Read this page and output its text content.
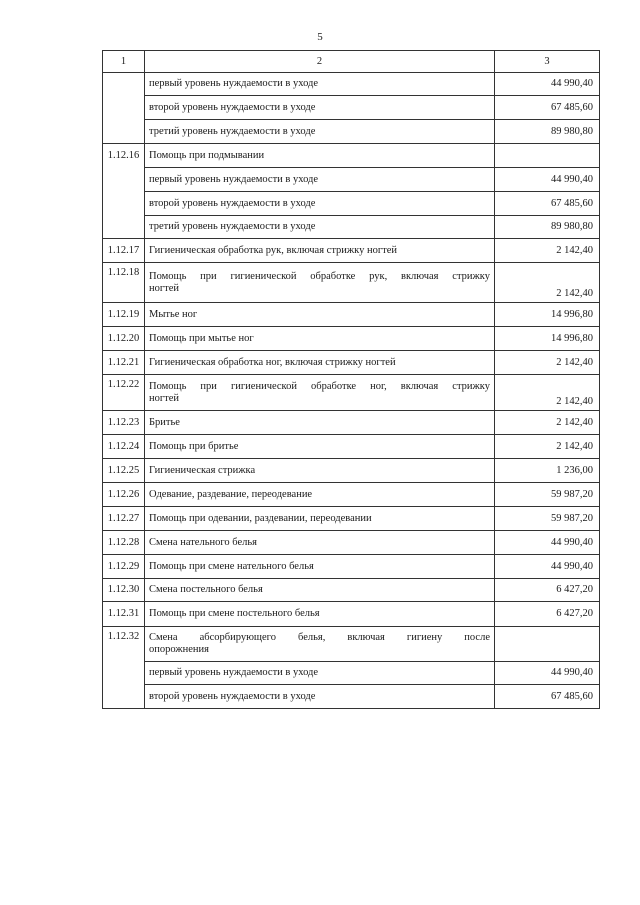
5
1	2	3
	первый уровень нуждаемости в уходе	44 990,40
	второй уровень нуждаемости в уходе	67 485,60
	третий уровень нуждаемости в уходе	89 980,80
1.12.16	Помощь при подмывании	
	первый уровень нуждаемости в уходе	44 990,40
	второй уровень нуждаемости в уходе	67 485,60
	третий уровень нуждаемости в уходе	89 980,80
1.12.17	Гигиеническая обработка рук, включая стрижку ногтей	2 142,40
1.12.18	Помощь при гигиенической обработке рук, включая стрижку
ногтей	2 142,40
1.12.19	Мытье ног	14 996,80
1.12.20	Помощь при мытье ног	14 996,80
1.12.21	Гигиеническая обработка ног, включая стрижку ногтей	2 142,40
1.12.22	Помощь при гигиенической обработке ног, включая стрижку
ногтей	2 142,40
1.12.23	Бритье	2 142,40
1.12.24	Помощь при бритье	2 142,40
1.12.25	Гигиеническая стрижка	1 236,00
1.12.26	Одевание, раздевание, переодевание	59 987,20
1.12.27	Помощь при одевании, раздевании, переодевании	59 987,20
1.12.28	Смена нательного белья	44 990,40
1.12.29	Помощь при смене нательного белья	44 990,40
1.12.30	Смена постельного белья	6 427,20
1.12.31	Помощь при смене постельного белья	6 427,20
1.12.32	Смена абсорбирующего белья, включая гигиену после
опорожнения	

	первый уровень нуждаемости в уходе	44 990,40
	второй уровень нуждаемости в уходе	67 485,60
